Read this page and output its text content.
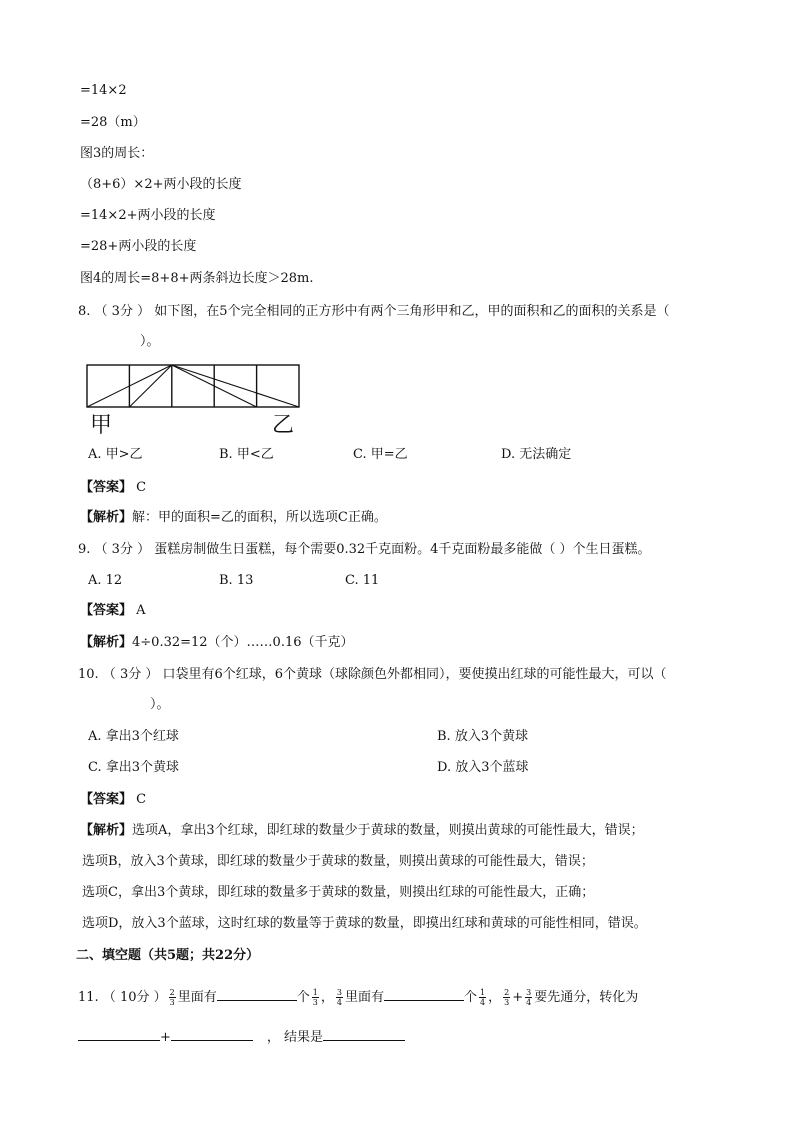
=14×2
=28（m）
图3的周长：
（8+6）×2+两小段的长度
=14×2+两小段的长度
=28+两小段的长度
图4的周长=8+8+两条斜边长度＞28m.
8. （ 3分 ） 如下图，在5个完全相同的正方形中有两个三角形甲和乙，甲的面积和乙的面积的关系是（
）。
甲	乙
A. 甲>乙	B. 甲<乙	C. 甲=乙	D. 无法确定
【答案】 C
【解析】解：甲的面积=乙的面积，所以选项C正确。
9. （ 3分 ） 蛋糕房制做生日蛋糕，每个需要0.32千克面粉。4千克面粉最多能做（ ）个生日蛋糕。
A. 12	B. 13	C. 11
【答案】 A
【解析】4÷0.32=12（个）……0.16（千克）
10. （ 3分 ） 口袋里有6个红球，6个黄球（球除颜色外都相同），要使摸出红球的可能性最大，可以（
）。
A. 拿出3个红球	B. 放入3个黄球
C. 拿出3个黄球	D. 放入3个蓝球
【答案】 C
【解析】选项A，拿出3个红球，即红球的数量少于黄球的数量，则摸出黄球的可能性最大，错误；
选项B，放入3个黄球，即红球的数量少于黄球的数量，则摸出黄球的可能性最大，错误；
选项C，拿出3个黄球，即红球的数量多于黄球的数量，则摸出红球的可能性最大，正确；
选项D，放入3个蓝球，这时红球的数量等于黄球的数量，即摸出红球和黄球的可能性相同，错误。
二、填空题（共5题；共22分）
11. （ 10分 ） $\frac{2}{3}$ 里面有	个 $\frac{1}{3}$ ， $\frac{3}{4}$ 里面有	个 $\frac{1}{4}$ ， $\frac{2}{3} + \frac{3}{4}$ 要先通分，转化为
+	， 结果是
